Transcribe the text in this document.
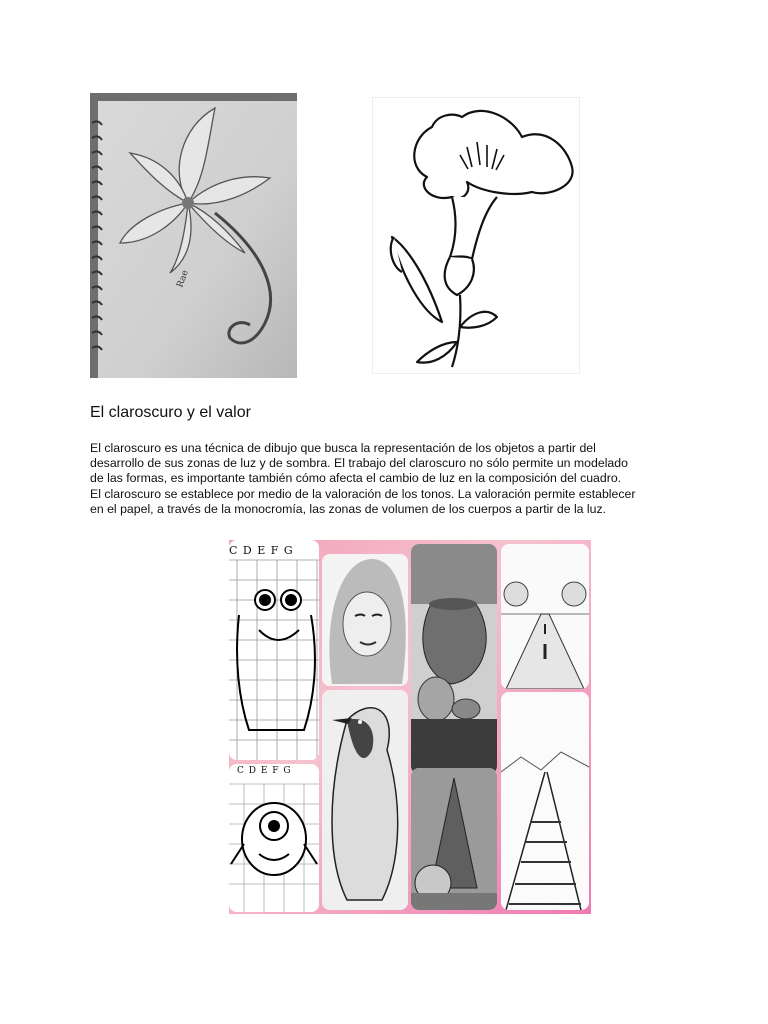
Rae
El claroscuro y el valor
El claroscuro es una técnica de dibujo que busca la representación de los objetos a partir del
desarrollo de sus zonas de luz y de sombra. El trabajo del claroscuro no sólo permite un modelado
de las formas, es importante también cómo afecta el cambio de luz en la composición del cuadro.
El claroscuro se establece por medio de la valoración de los tonos. La valoración permite establecer
en el papel, a través de la monocromía, las zonas de volumen de los cuerpos a partir de la luz.
C D E F G
C D E F G
InCollage
